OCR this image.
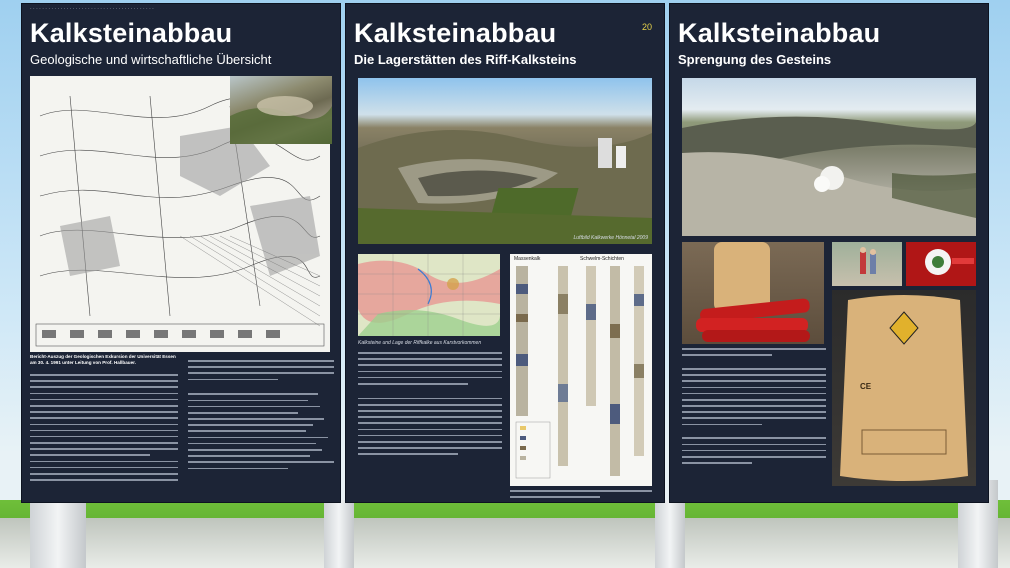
· · · · · · · · · · · · · · · · · · · · · · · · · · · · · · · · · · · · · · · · ·
Kalksteinabbau
Geologische und wirtschaftliche Übersicht
Bericht-Auszug der Geologischen Exkursion der Universität Essen am 30. 4. 1991 unter Leitung von Prof. Hallbauer.
Kalksteinabbau	20
Die Lagerstätten des Riff-Kalksteins
Luftbild Kalkwerke Hönnetal 2009
Kalksteine und Lage der Riffkalke aus Karstvorkommen
Massenkalk	Schwelm-Schichten
Kalksteinabbau
Sprengung des Gesteins
CE
